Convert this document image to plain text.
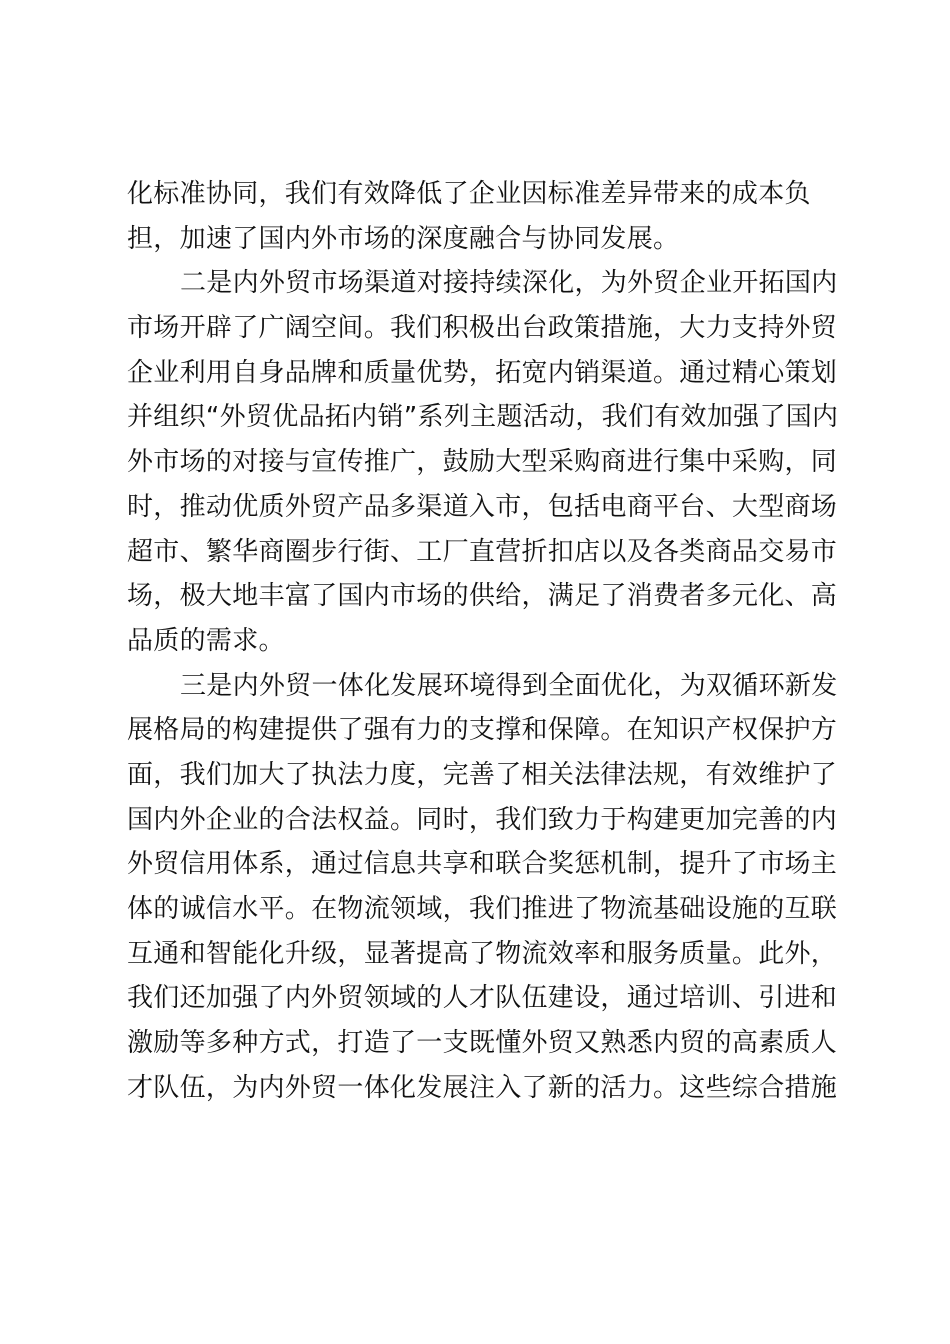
化标准协同，我们有效降低了企业因标准差异带来的成本负
担，加速了国内外市场的深度融合与协同发展。
二是内外贸市场渠道对接持续深化，为外贸企业开拓国内
市场开辟了广阔空间。我们积极出台政策措施，大力支持外贸
企业利用自身品牌和质量优势，拓宽内销渠道。通过精心策划
并组织“外贸优品拓内销”系列主题活动，我们有效加强了国内
外市场的对接与宣传推广，鼓励大型采购商进行集中采购，同
时，推动优质外贸产品多渠道入市，包括电商平台、大型商场
超市、繁华商圈步行街、工厂直营折扣店以及各类商品交易市
场，极大地丰富了国内市场的供给，满足了消费者多元化、高
品质的需求。
三是内外贸一体化发展环境得到全面优化，为双循环新发
展格局的构建提供了强有力的支撑和保障。在知识产权保护方
面，我们加大了执法力度，完善了相关法律法规，有效维护了
国内外企业的合法权益。同时，我们致力于构建更加完善的内
外贸信用体系，通过信息共享和联合奖惩机制，提升了市场主
体的诚信水平。在物流领域，我们推进了物流基础设施的互联
互通和智能化升级，显著提高了物流效率和服务质量。此外，
我们还加强了内外贸领域的人才队伍建设，通过培训、引进和
激励等多种方式，打造了一支既懂外贸又熟悉内贸的高素质人
才队伍，为内外贸一体化发展注入了新的活力。这些综合措施
